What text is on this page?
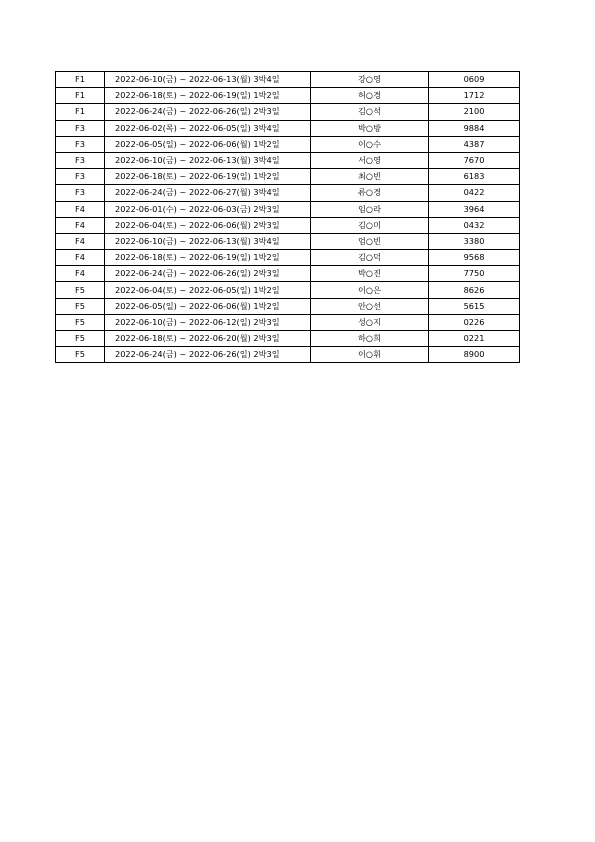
F1	2022-06-10(금) ~ 2022-06-13(월) 3박4일	강○영	0609
F1	2022-06-18(토) ~ 2022-06-19(일) 1박2일	허○경	1712
F1	2022-06-24(금) ~ 2022-06-26(일) 2박3일	김○석	2100
F3	2022-06-02(목) ~ 2022-06-05(일) 3박4일	박○방	9884
F3	2022-06-05(일) ~ 2022-06-06(월) 1박2일	이○수	4387
F3	2022-06-10(금) ~ 2022-06-13(월) 3박4일	서○영	7670
F3	2022-06-18(토) ~ 2022-06-19(일) 1박2일	최○빈	6183
F3	2022-06-24(금) ~ 2022-06-27(월) 3박4일	류○경	0422
F4	2022-06-01(수) ~ 2022-06-03(금) 2박3일	임○라	3964
F4	2022-06-04(토) ~ 2022-06-06(월) 2박3일	김○미	0432
F4	2022-06-10(금) ~ 2022-06-13(월) 3박4일	엄○빈	3380
F4	2022-06-18(토) ~ 2022-06-19(일) 1박2일	김○덕	9568
F4	2022-06-24(금) ~ 2022-06-26(일) 2박3일	박○진	7750
F5	2022-06-04(토) ~ 2022-06-05(일) 1박2일	이○은	8626
F5	2022-06-05(일) ~ 2022-06-06(월) 1박2일	안○선	5615
F5	2022-06-10(금) ~ 2022-06-12(일) 2박3일	성○지	0226
F5	2022-06-18(토) ~ 2022-06-20(월) 2박3일	하○희	0221
F5	2022-06-24(금) ~ 2022-06-26(일) 2박3일	이○휘	8900
